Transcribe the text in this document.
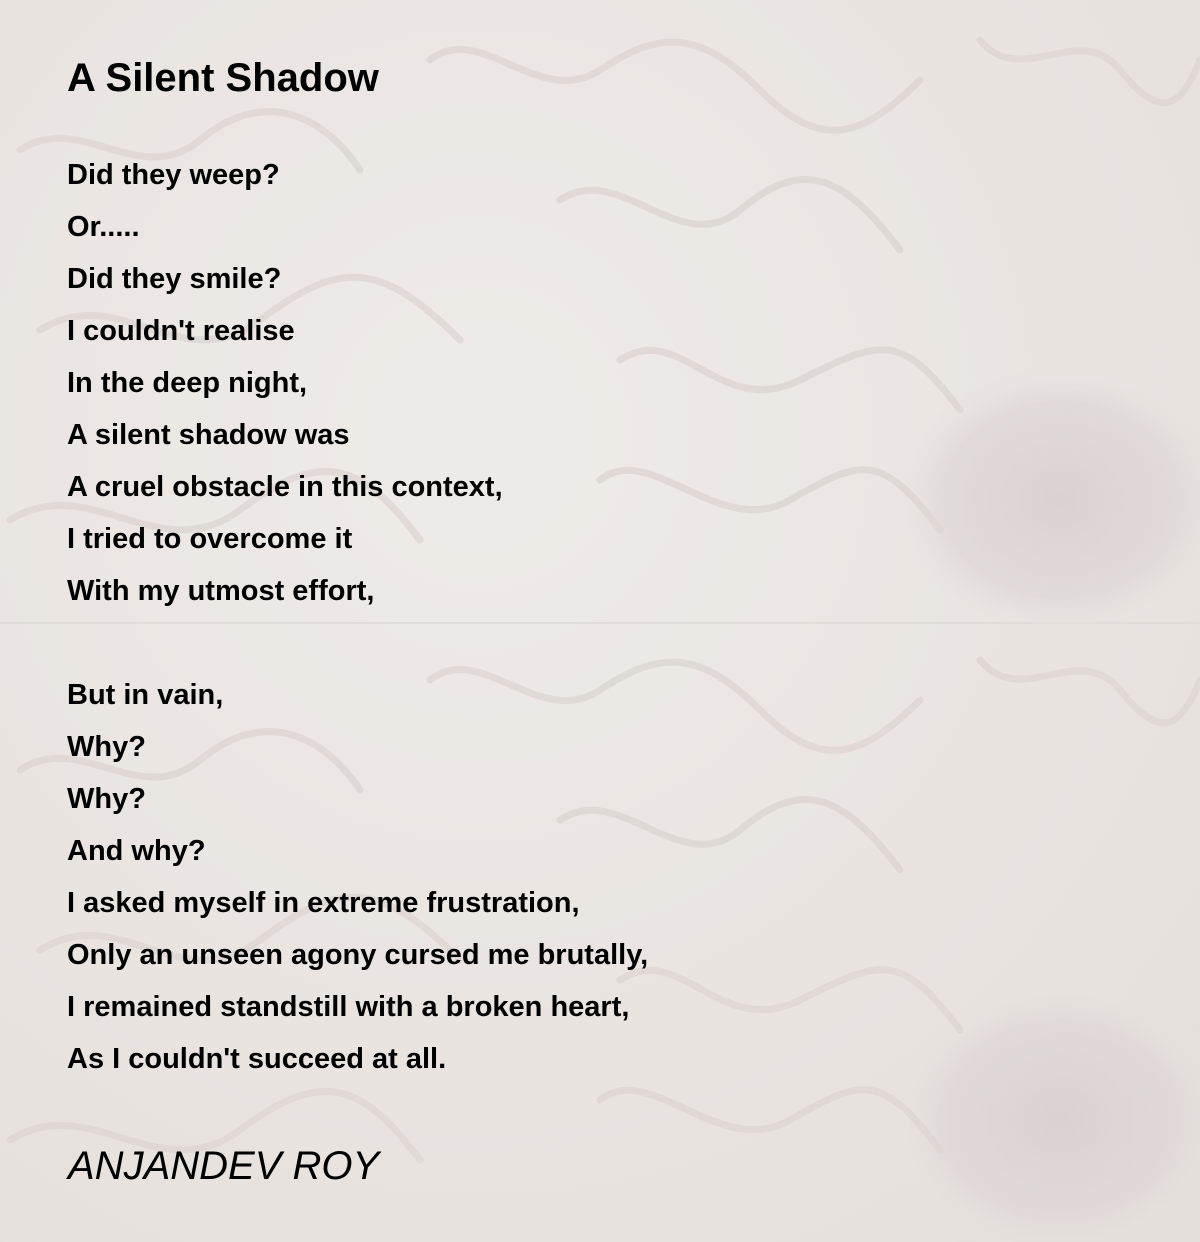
A Silent Shadow
Did they weep?
Or.....
Did they smile?
I couldn't realise
In the deep night,
A silent shadow was
A cruel obstacle in this context,
I tried to overcome it
With my utmost effort,
But in vain,
Why?
Why?
And why?
I asked myself in extreme frustration,
Only an unseen agony cursed me brutally,
I remained standstill with a broken heart,
As I couldn't succeed at all.

ANJANDEV ROY
